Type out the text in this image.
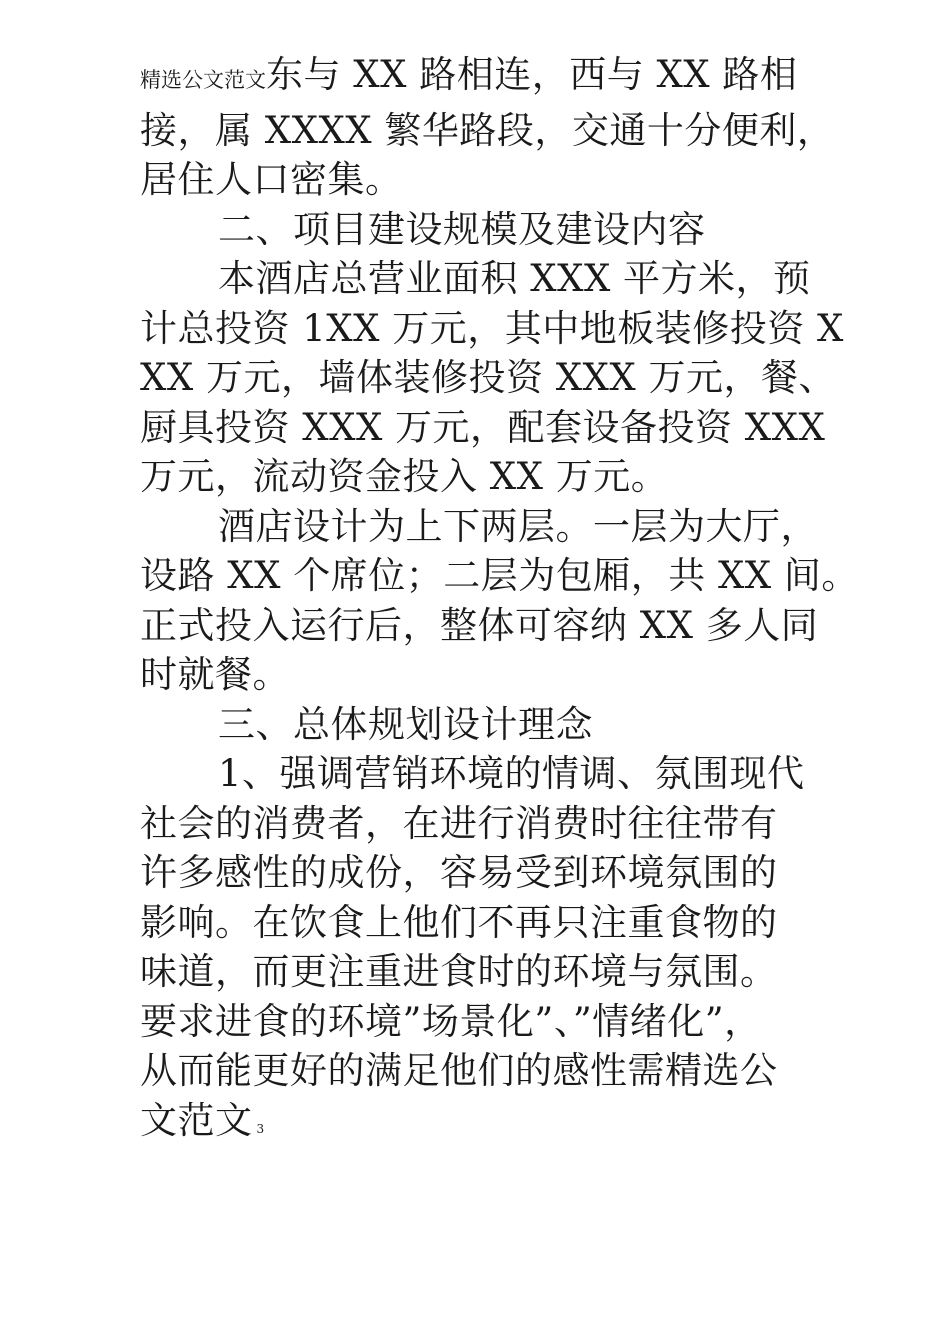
精选公文范文东与 XX 路相连，西与 XX 路相

接，属 XXXX 繁华路段，交通十分便利，

居住人口密集。

二、项目建设规模及建设内容

本酒店总营业面积 XXX 平方米，预

计总投资 1XX 万元，其中地板装修投资 X

XX 万元，墙体装修投资 XXX 万元，餐、

厨具投资 XXX 万元，配套设备投资 XXX

万元，流动资金投入 XX 万元。

酒店设计为上下两层。一层为大厅，

设路 XX 个席位；二层为包厢，共 XX 间。

正式投入运行后，整体可容纳 XX 多人同

时就餐。

三、总体规划设计理念

1、强调营销环境的情调、氛围现代

社会的消费者，在进行消费时往往带有

许多感性的成份，容易受到环境氛围的

影响。在饮食上他们不再只注重食物的

味道，而更注重进食时的环境与氛围。

要求进食的环境”场景化”、”情绪化”，

从而能更好的满足他们的感性需精选公

文范文 3
